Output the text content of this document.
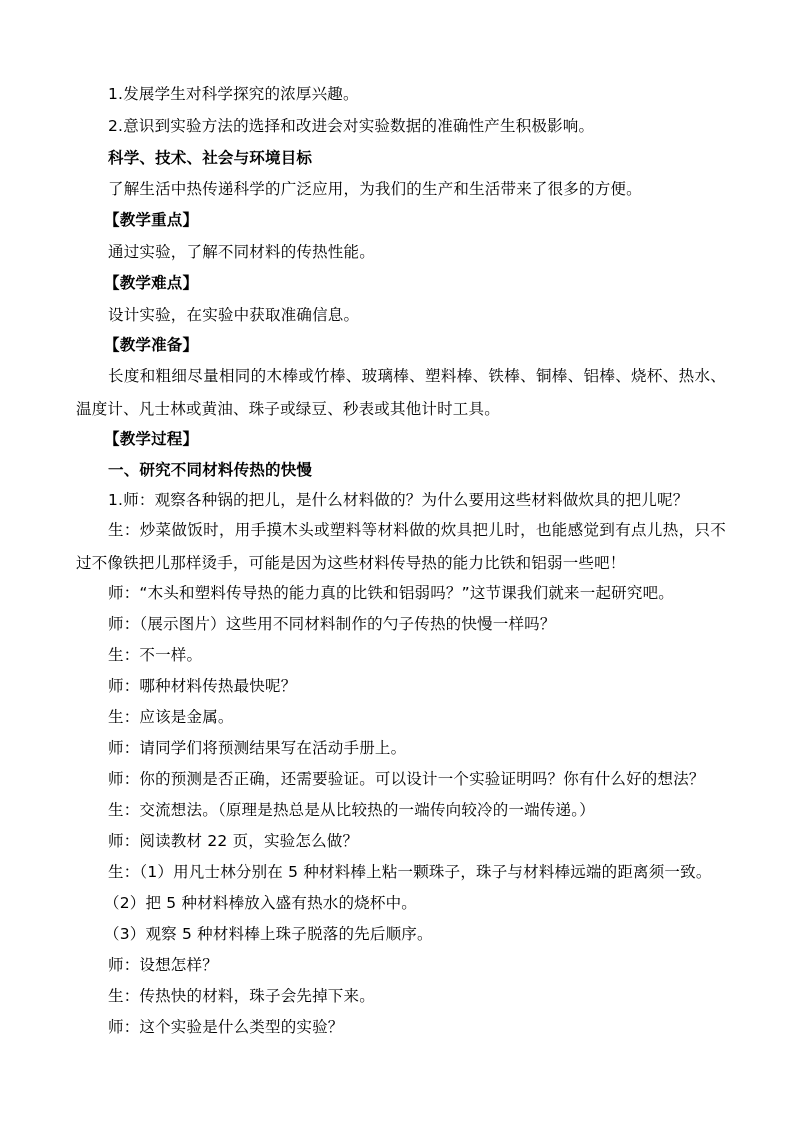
1.发展学生对科学探究的浓厚兴趣。
2.意识到实验方法的选择和改进会对实验数据的准确性产生积极影响。
科学、技术、社会与环境目标
了解生活中热传递科学的广泛应用，为我们的生产和生活带来了很多的方便。
【教学重点】
通过实验，了解不同材料的传热性能。
【教学难点】
设计实验，在实验中获取准确信息。
【教学准备】
长度和粗细尽量相同的木棒或竹棒、玻璃棒、塑料棒、铁棒、铜棒、铝棒、烧杯、热水、温度计、凡士林或黄油、珠子或绿豆、秒表或其他计时工具。
【教学过程】
一、研究不同材料传热的快慢
1.师：观察各种锅的把儿，是什么材料做的？为什么要用这些材料做炊具的把儿呢？
生：炒菜做饭时，用手摸木头或塑料等材料做的炊具把儿时，也能感觉到有点儿热，只不过不像铁把儿那样烫手，可能是因为这些材料传导热的能力比铁和铝弱一些吧！
师：“木头和塑料传导热的能力真的比铁和铝弱吗？”这节课我们就来一起研究吧。
师：（展示图片）这些用不同材料制作的勺子传热的快慢一样吗？
生：不一样。
师：哪种材料传热最快呢？
生：应该是金属。
师：请同学们将预测结果写在活动手册上。
师：你的预测是否正确，还需要验证。可以设计一个实验证明吗？你有什么好的想法？
生：交流想法。（原理是热总是从比较热的一端传向较冷的一端传递。）
师：阅读教材 22 页，实验怎么做？
生：（1）用凡士林分别在 5 种材料棒上粘一颗珠子，珠子与材料棒远端的距离须一致。
（2）把 5 种材料棒放入盛有热水的烧杯中。
（3）观察 5 种材料棒上珠子脱落的先后顺序。
师：设想怎样？
生：传热快的材料，珠子会先掉下来。
师：这个实验是什么类型的实验？
